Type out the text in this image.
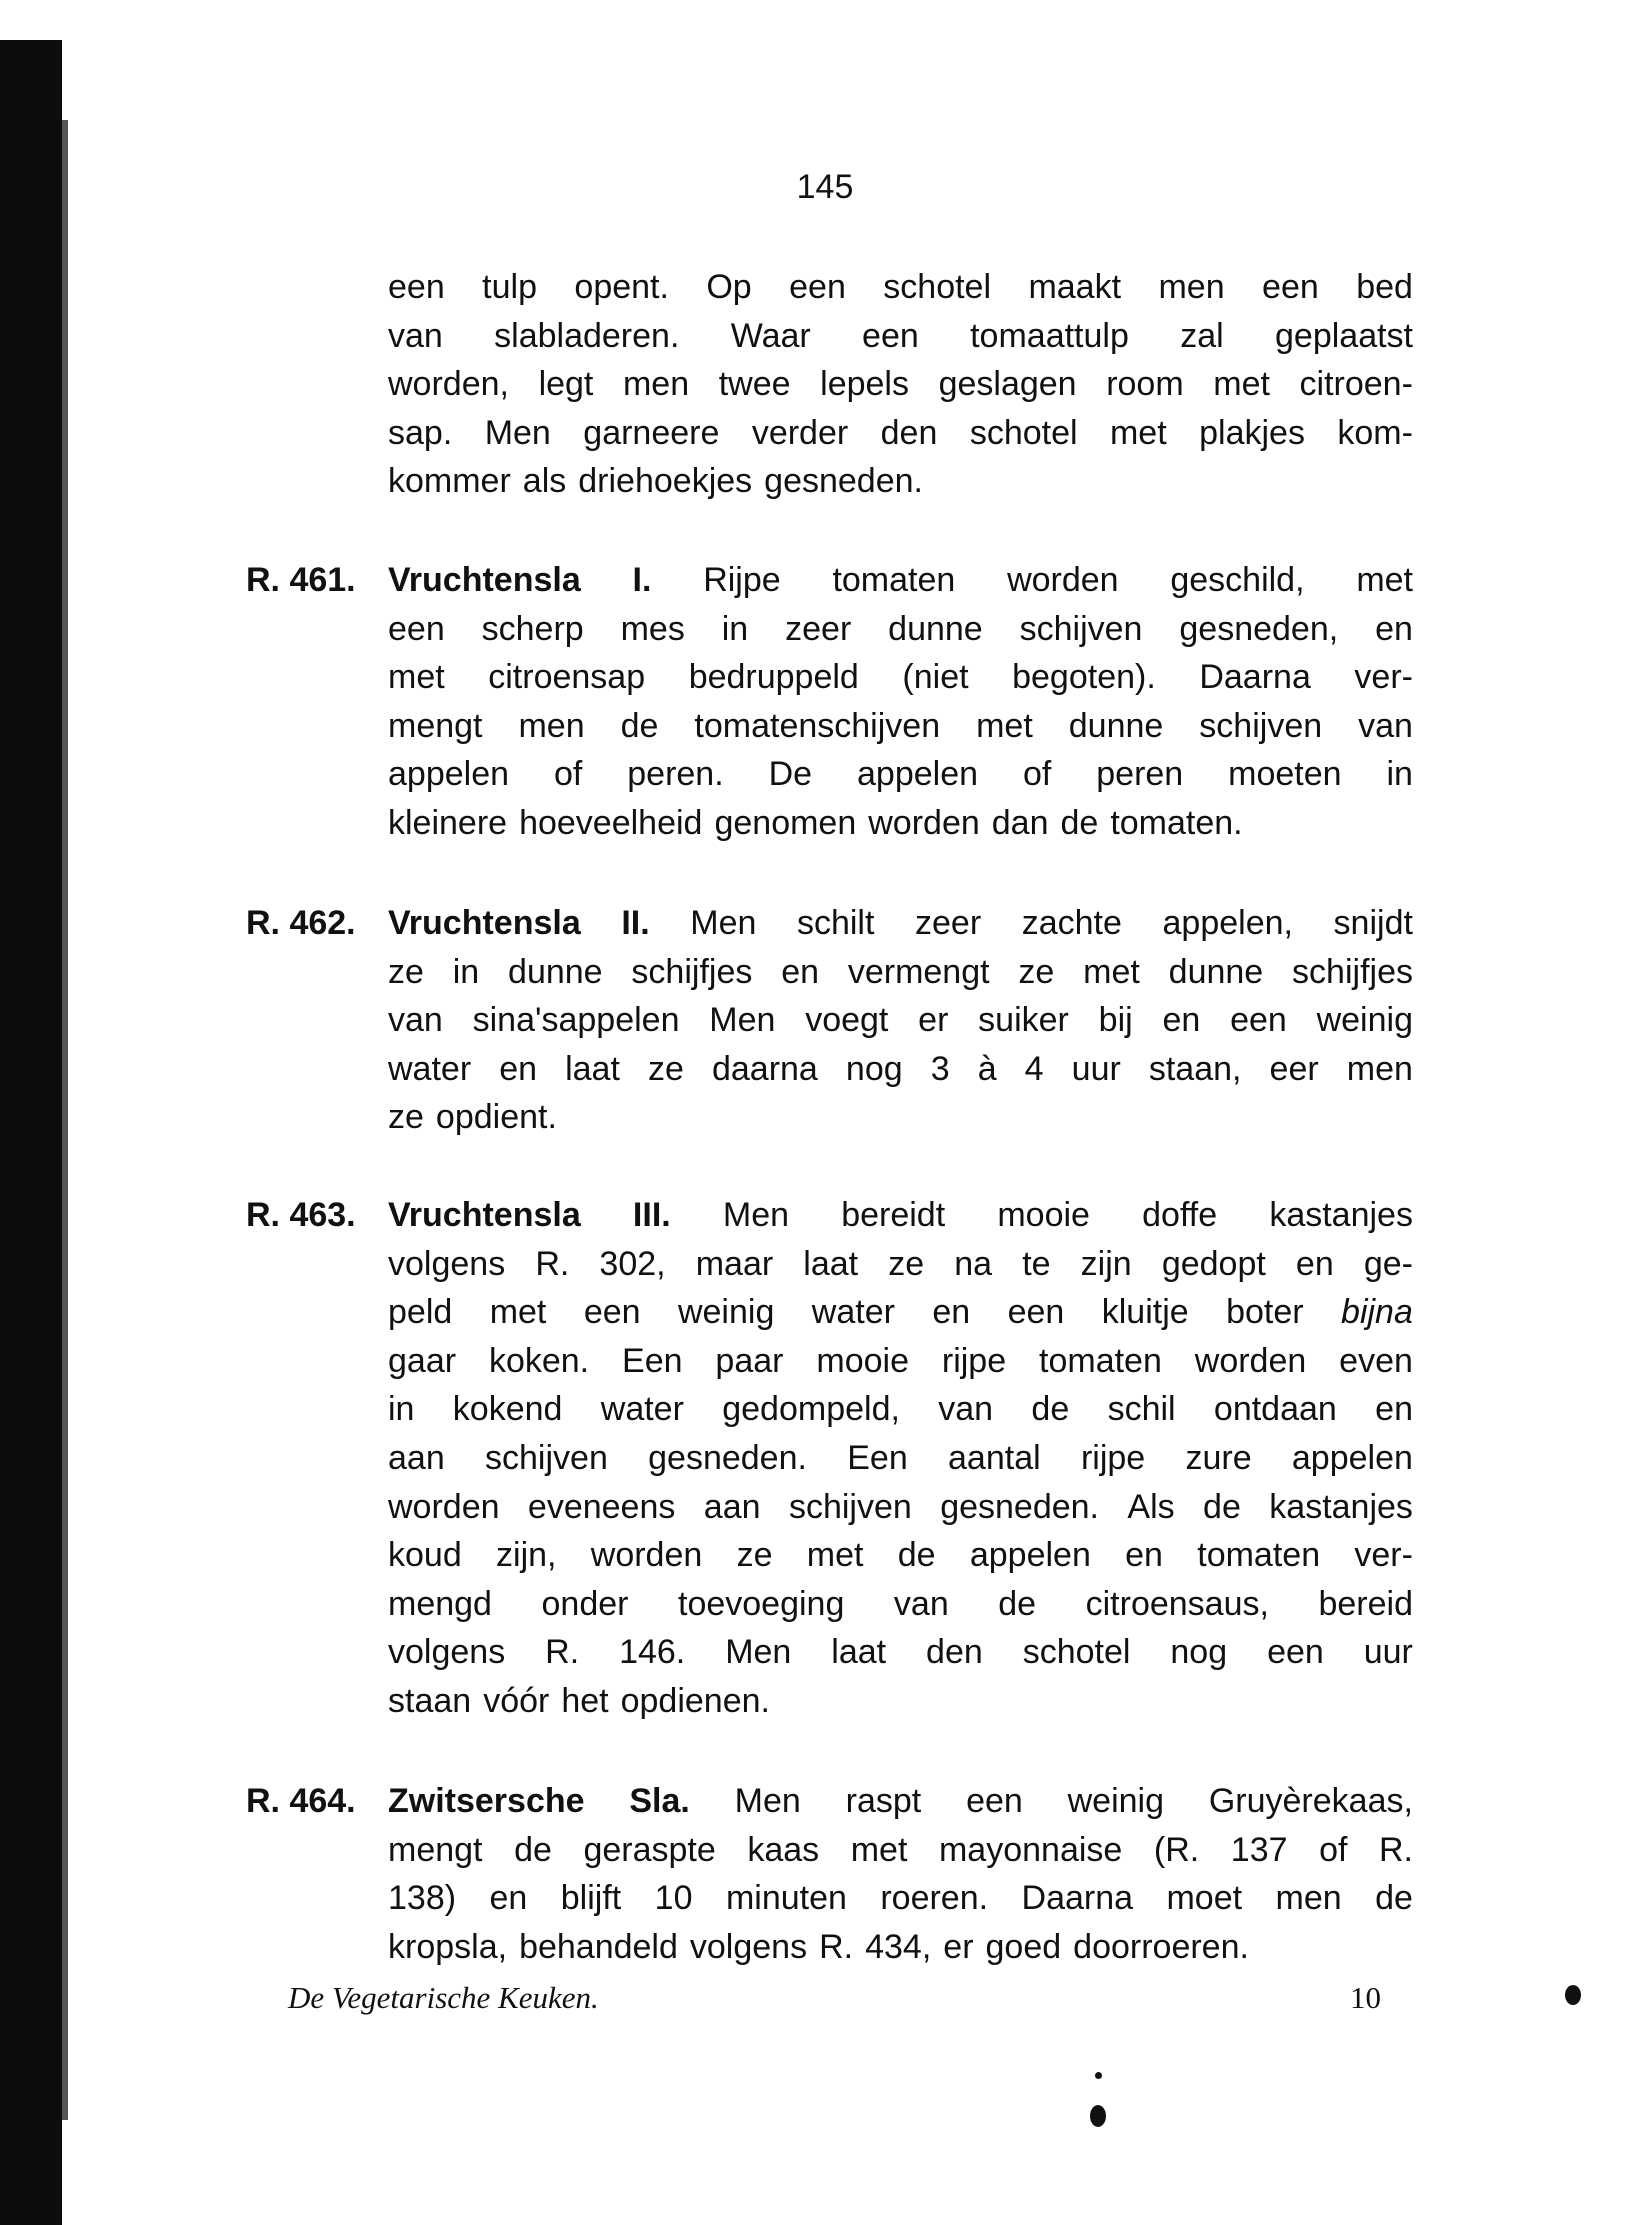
145
een tulp opent. Op een schotel maakt men een bed
van slabladeren. Waar een tomaattulp zal geplaatst
worden, legt men twee lepels geslagen room met citroen-
sap. Men garneere verder den schotel met plakjes kom-
kommer als driehoekjes gesneden.
R. 461. Vruchtensla I. Rijpe tomaten worden geschild, met
een scherp mes in zeer dunne schijven gesneden, en
met citroensap bedruppeld (niet begoten). Daarna ver-
mengt men de tomatenschijven met dunne schijven van
appelen of peren. De appelen of peren moeten in
kleinere hoeveelheid genomen worden dan de tomaten.
R. 462. Vruchtensla II. Men schilt zeer zachte appelen, snijdt
ze in dunne schijfjes en vermengt ze met dunne schijfjes
van sina'sappelen Men voegt er suiker bij en een weinig
water en laat ze daarna nog 3 à 4 uur staan, eer men
ze opdient.
R. 463. Vruchtensla III. Men bereidt mooie doffe kastanjes
volgens R. 302, maar laat ze na te zijn gedopt en ge-
peld met een weinig water en een kluitje boter bijna
gaar koken. Een paar mooie rijpe tomaten worden even
in kokend water gedompeld, van de schil ontdaan en
aan schijven gesneden. Een aantal rijpe zure appelen
worden eveneens aan schijven gesneden. Als de kastanjes
koud zijn, worden ze met de appelen en tomaten ver-
mengd onder toevoeging van de citroensaus, bereid
volgens R. 146. Men laat den schotel nog een uur
staan vóór het opdienen.
R. 464. Zwitsersche Sla. Men raspt een weinig Gruyèrekaas,
mengt de geraspte kaas met mayonnaise (R. 137 of R.
138) en blijft 10 minuten roeren. Daarna moet men de
kropsla, behandeld volgens R. 434, er goed doorroeren.
De Vegetarische Keuken.	10
